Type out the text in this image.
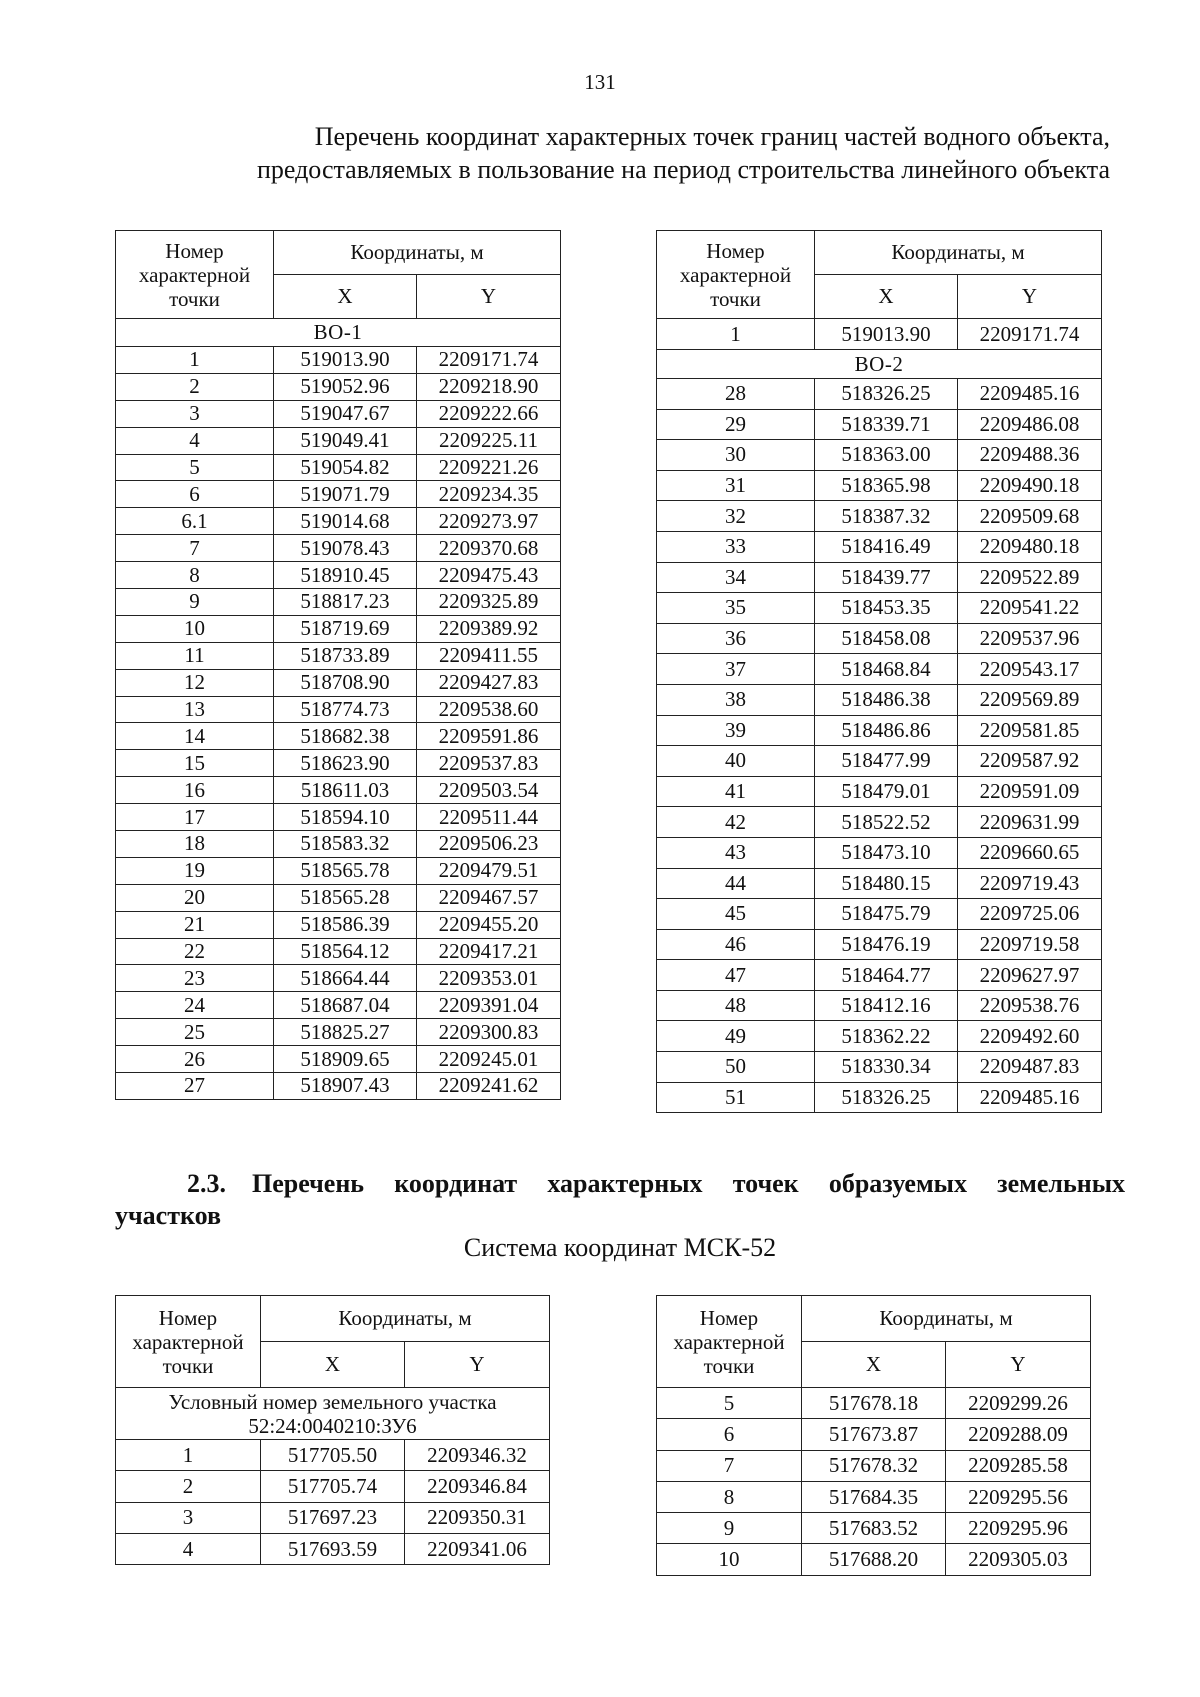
131
Перечень координат характерных точек границ частей водного объекта,
предоставляемых в пользование на период строительства линейного объекта
Номер характерной точки	Координаты, м	
	X	Y
ВО-1		
1	519013.90	2209171.74
2	519052.96	2209218.90
3	519047.67	2209222.66
4	519049.41	2209225.11
5	519054.82	2209221.26
6	519071.79	2209234.35
6.1	519014.68	2209273.97
7	519078.43	2209370.68
8	518910.45	2209475.43
9	518817.23	2209325.89
10	518719.69	2209389.92
11	518733.89	2209411.55
12	518708.90	2209427.83
13	518774.73	2209538.60
14	518682.38	2209591.86
15	518623.90	2209537.83
16	518611.03	2209503.54
17	518594.10	2209511.44
18	518583.32	2209506.23
19	518565.78	2209479.51
20	518565.28	2209467.57
21	518586.39	2209455.20
22	518564.12	2209417.21
23	518664.44	2209353.01
24	518687.04	2209391.04
25	518825.27	2209300.83
26	518909.65	2209245.01
27	518907.43	2209241.62
Номер характерной точки	Координаты, м	
	X	Y
1	519013.90	2209171.74
ВО-2		
28	518326.25	2209485.16
29	518339.71	2209486.08
30	518363.00	2209488.36
31	518365.98	2209490.18
32	518387.32	2209509.68
33	518416.49	2209480.18
34	518439.77	2209522.89
35	518453.35	2209541.22
36	518458.08	2209537.96
37	518468.84	2209543.17
38	518486.38	2209569.89
39	518486.86	2209581.85
40	518477.99	2209587.92
41	518479.01	2209591.09
42	518522.52	2209631.99
43	518473.10	2209660.65
44	518480.15	2209719.43
45	518475.79	2209725.06
46	518476.19	2209719.58
47	518464.77	2209627.97
48	518412.16	2209538.76
49	518362.22	2209492.60
50	518330.34	2209487.83
51	518326.25	2209485.16
2.3. Перечень координат характерных точек образуемых земельных
участков
Система координат МСК-52
Номер характерной точки	Координаты, м	
	X	Y
Условный номер земельного участка 52:24:0040210:ЗУ6		
1	517705.50	2209346.32
2	517705.74	2209346.84
3	517697.23	2209350.31
4	517693.59	2209341.06
Номер характерной точки	Координаты, м	
	X	Y
5	517678.18	2209299.26
6	517673.87	2209288.09
7	517678.32	2209285.58
8	517684.35	2209295.56
9	517683.52	2209295.96
10	517688.20	2209305.03
